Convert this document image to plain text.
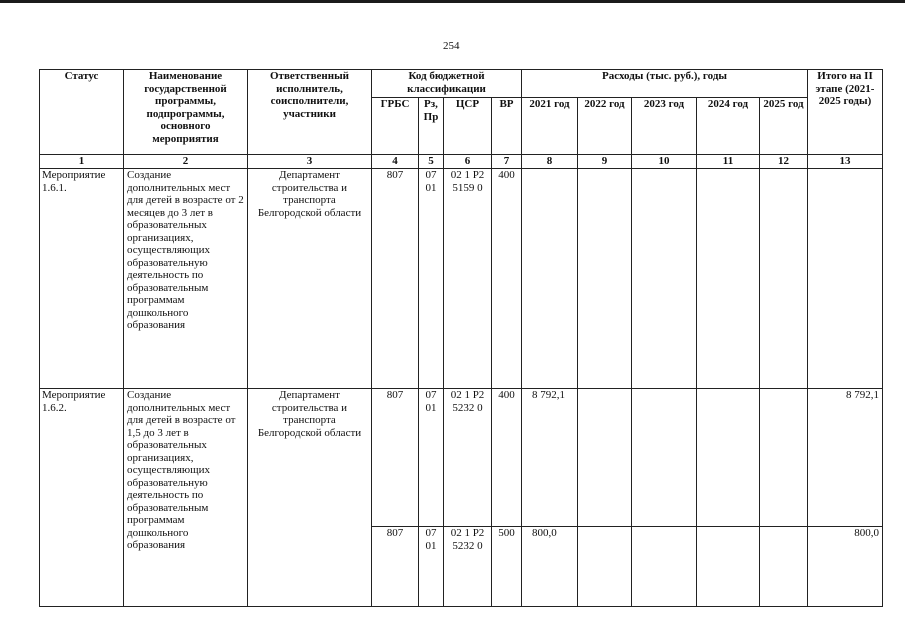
254
Статус	Наименование государственной программы, подпрограммы, основного мероприятия	Ответственный исполнитель, соисполнители, участники	Код бюджетной классификации				Расходы (тыс. руб.), годы					Итого на II этапе (2021-2025 годы)
			ГРБС	Рз, Пр	ЦСР	ВР	2021 год	2022 год	2023 год	2024 год	2025 год	
1	2	3	4	5	6	7	8	9	10	11	12	13
Мероприятие 1.6.1.	Создание дополнительных мест для детей в возрасте от 2 месяцев до 3 лет в образовательных организациях, осуществляющих образовательную деятельность по образовательным программам дошкольного образования	Департамент строительства и транспорта Белгородской области	807	07 01	02 1 Р2 5159 0	400						
Мероприятие 1.6.2.	Создание дополнительных мест для детей в возрасте от 1,5 до 3 лет в образовательных организациях, осуществляющих образовательную деятельность по образовательным программам дошкольного образования	Департамент строительства и транспорта Белгородской области	807	07 01	02 1 Р2 5232 0	400	8 792,1					8 792,1
			807	07 01	02 1 Р2 5232 0	500	800,0					800,0
